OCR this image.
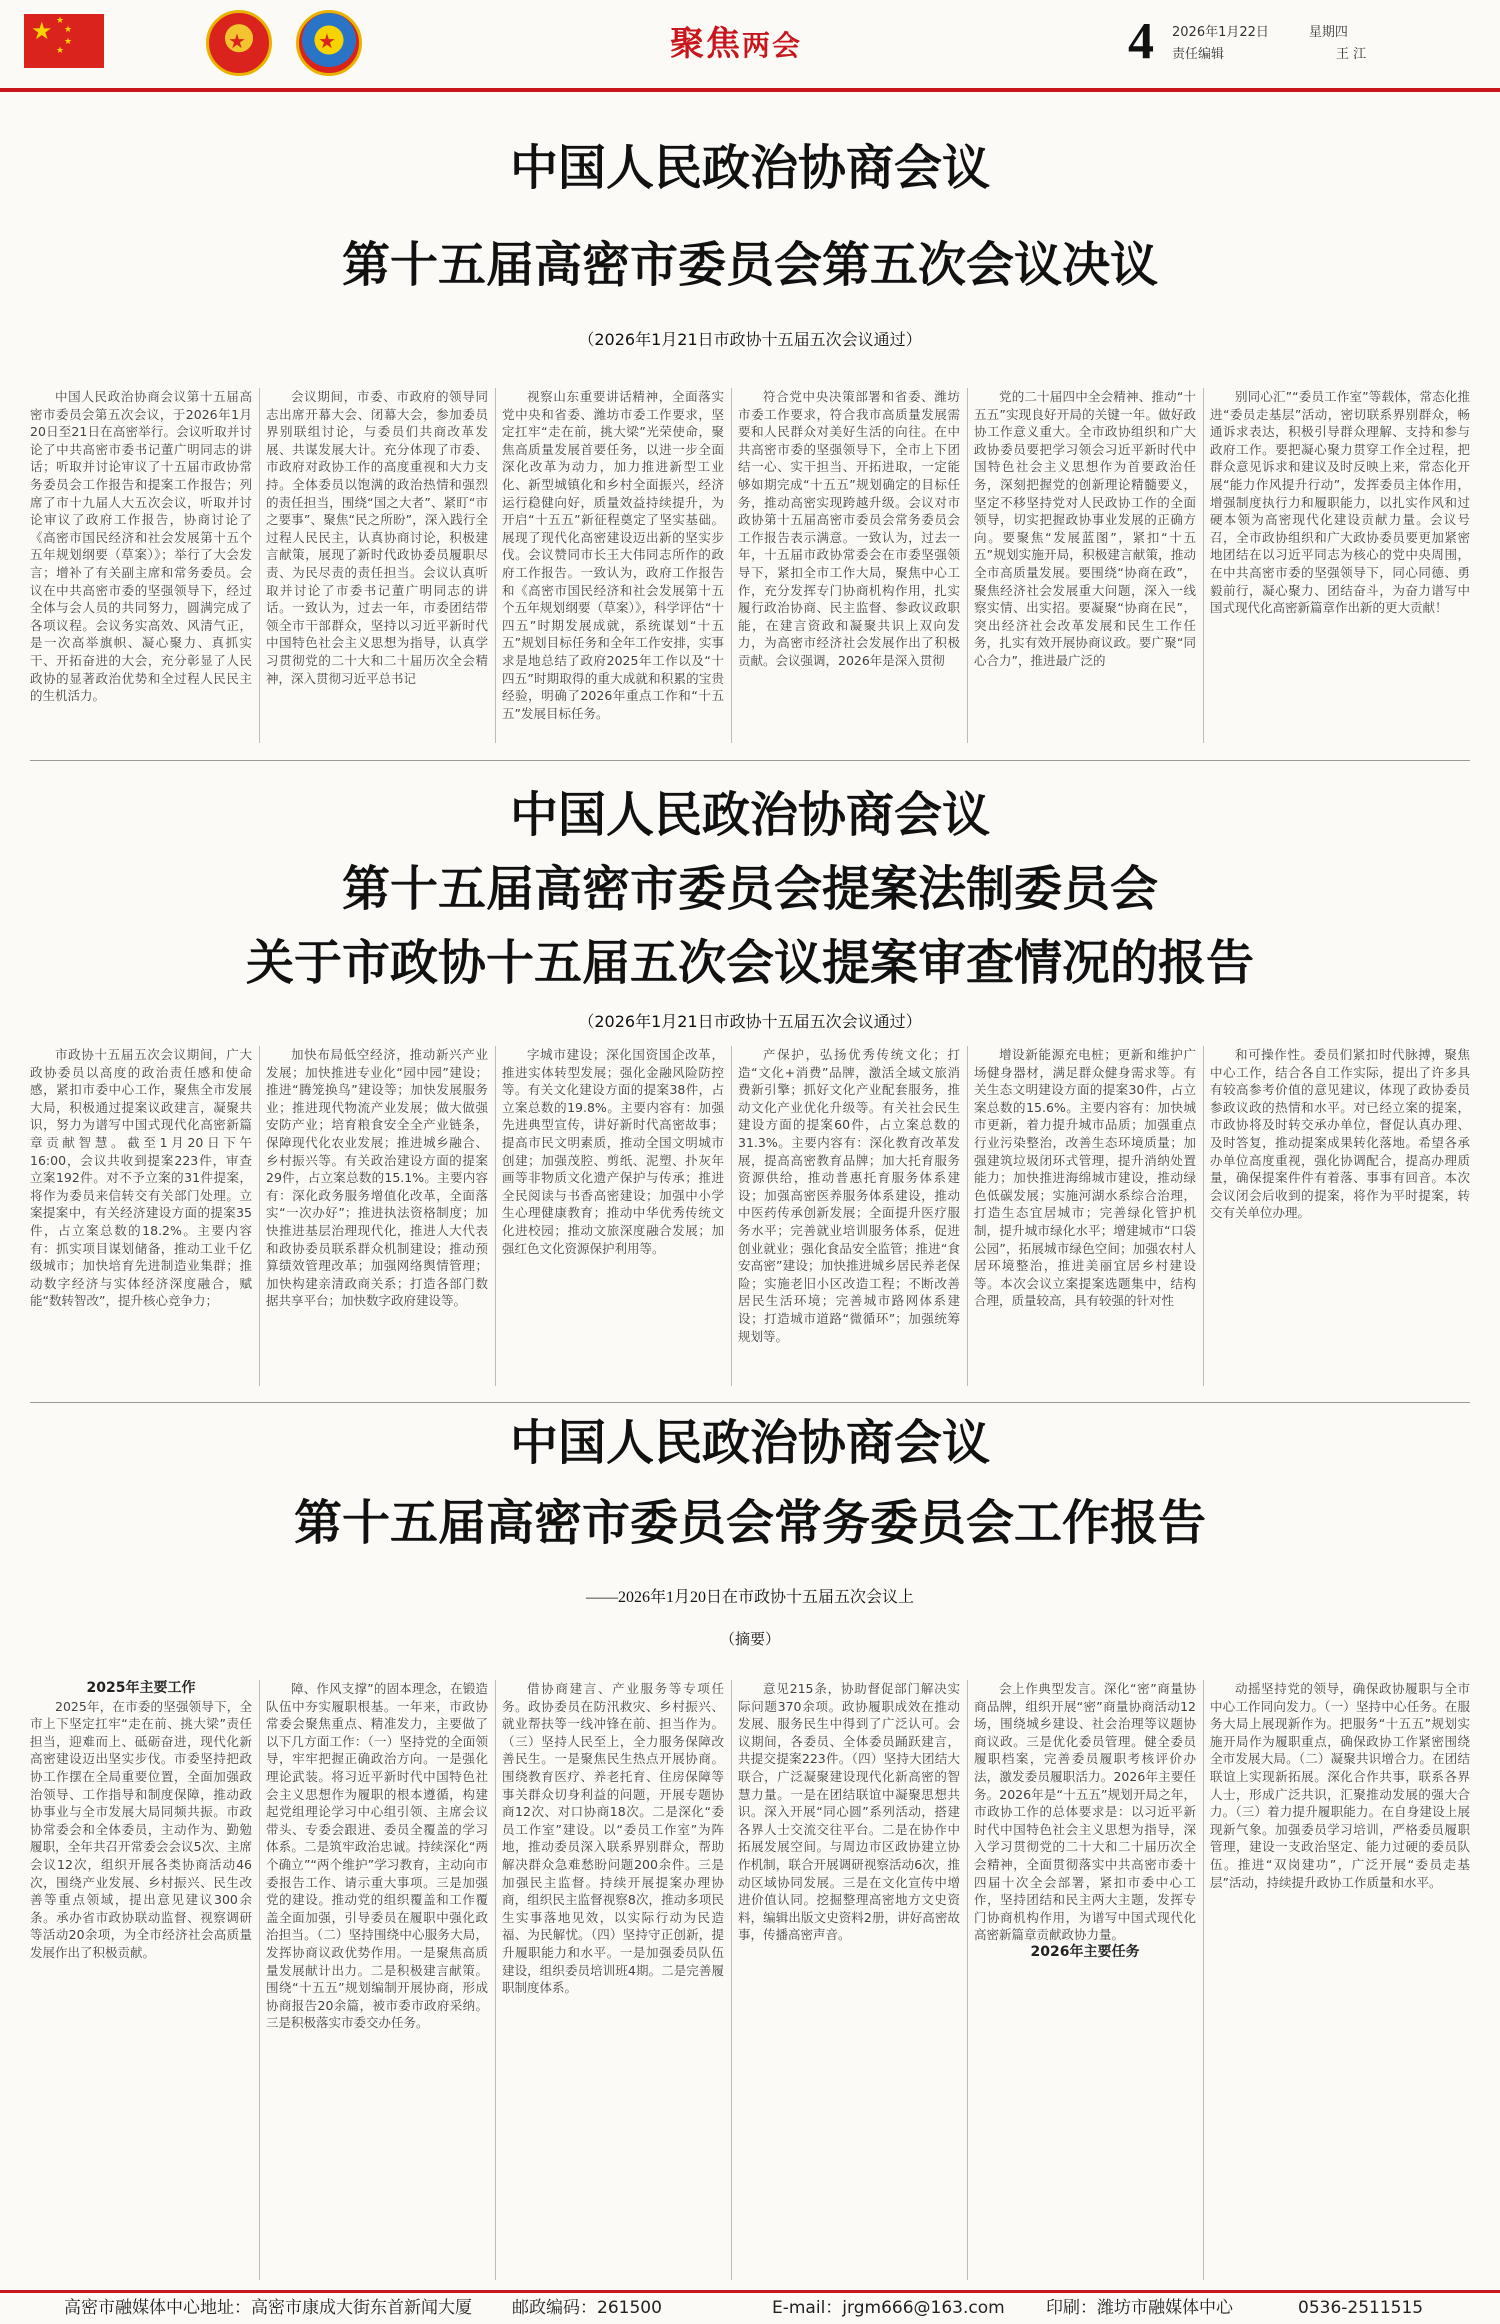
★ ★
★
★
★	★	★	聚焦两会	4 2026年1月22日	星期四
责任编辑	王 江
中国人民政治协商会议
第十五届高密市委员会第五次会议决议
（2026年1月21日市政协十五届五次会议通过）

中国人民政治协商会议第十五届高密市委员会第五次会议，于2026年1月20日至21日在高密举行。会议听取并讨论了中共高密市委书记董广明同志的讲话；听取并讨论审议了十五届市政协常务委员会工作报告和提案工作报告；列席了市十九届人大五次会议，听取并讨论审议了政府工作报告，协商讨论了《高密市国民经济和社会发展第十五个五年规划纲要（草案）》；举行了大会发言；增补了有关副主席和常务委员。会议在中共高密市委的坚强领导下，经过全体与会人员的共同努力，圆满完成了各项议程。会议务实高效、风清气正，是一次高举旗帜、凝心聚力、真抓实干、开拓奋进的大会，充分彰显了人民政协的显著政治优势和全过程人民民主的生机活力。

会议期间，市委、市政府的领导同志出席开幕大会、闭幕大会，参加委员界别联组讨论，与委员们共商改革发展、共谋发展大计。充分体现了市委、市政府对政协工作的高度重视和大力支持。全体委员以饱满的政治热情和强烈的责任担当，围绕“国之大者”、紧盯“市之要事”、聚焦“民之所盼”，深入践行全过程人民民主，认真协商讨论，积极建言献策，展现了新时代政协委员履职尽责、为民尽责的责任担当。会议认真听取并讨论了市委书记董广明同志的讲话。一致认为，过去一年，市委团结带领全市干部群众，坚持以习近平新时代中国特色社会主义思想为指导，认真学习贯彻党的二十大和二十届历次全会精神，深入贯彻习近平总书记

视察山东重要讲话精神，全面落实党中央和省委、潍坊市委工作要求，坚定扛牢“走在前，挑大梁”光荣使命，聚焦高质量发展首要任务，以进一步全面深化改革为动力，加力推进新型工业化、新型城镇化和乡村全面振兴，经济运行稳健向好，质量效益持续提升，为开启“十五五”新征程奠定了坚实基础。展现了现代化高密建设迈出新的坚实步伐。会议赞同市长王大伟同志所作的政府工作报告。一致认为，政府工作报告和《高密市国民经济和社会发展第十五个五年规划纲要（草案）》，科学评估“十四五”时期发展成就，系统谋划“十五五”规划目标任务和全年工作安排，实事求是地总结了政府2025年工作以及“十四五”时期取得的重大成就和积累的宝贵经验，明确了2026年重点工作和“十五五”发展目标任务。

符合党中央决策部署和省委、潍坊市委工作要求，符合我市高质量发展需要和人民群众对美好生活的向往。在中共高密市委的坚强领导下，全市上下团结一心、实干担当、开拓进取，一定能够如期完成“十五五”规划确定的目标任务，推动高密实现跨越升级。会议对市政协第十五届高密市委员会常务委员会工作报告表示满意。一致认为，过去一年，十五届市政协常委会在市委坚强领导下，紧扣全市工作大局，聚焦中心工作，充分发挥专门协商机构作用，扎实履行政治协商、民主监督、参政议政职能，在建言资政和凝聚共识上双向发力，为高密市经济社会发展作出了积极贡献。会议强调，2026年是深入贯彻

党的二十届四中全会精神、推动“十五五”实现良好开局的关键一年。做好政协工作意义重大。全市政协组织和广大政协委员要把学习领会习近平新时代中国特色社会主义思想作为首要政治任务，深刻把握党的创新理论精髓要义，坚定不移坚持党对人民政协工作的全面领导，切实把握政协事业发展的正确方向。要聚焦“发展蓝图”，紧扣“十五五”规划实施开局，积极建言献策，推动全市高质量发展。要围绕“协商在政”，聚焦经济社会发展重大问题，深入一线察实情、出实招。要凝聚“协商在民”，突出经济社会改革发展和民生工作任务，扎实有效开展协商议政。要广聚“同心合力”，推进最广泛的

别同心汇”“委员工作室”等载体，常态化推进“委员走基层”活动，密切联系界别群众，畅通诉求表达，积极引导群众理解、支持和参与政府工作。要把凝心聚力贯穿工作全过程，把群众意见诉求和建议及时反映上来，常态化开展“能力作风提升行动”，发挥委员主体作用，增强制度执行力和履职能力，以扎实作风和过硬本领为高密现代化建设贡献力量。会议号召，全市政协组织和广大政协委员要更加紧密地团结在以习近平同志为核心的党中央周围，在中共高密市委的坚强领导下，同心同德、勇毅前行，凝心聚力、团结奋斗，为奋力谱写中国式现代化高密新篇章作出新的更大贡献！

中国人民政治协商会议
第十五届高密市委员会提案法制委员会
关于市政协十五届五次会议提案审查情况的报告
（2026年1月21日市政协十五届五次会议通过）

市政协十五届五次会议期间，广大政协委员以高度的政治责任感和使命感，紧扣市委中心工作，聚焦全市发展大局，积极通过提案议政建言，凝聚共识，努力为谱写中国式现代化高密新篇章贡献智慧。截至1月20日下午16:00，会议共收到提案223件，审查立案192件。对不予立案的31件提案，将作为委员来信转交有关部门处理。立案提案中，有关经济建设方面的提案35件，占立案总数的18.2%。主要内容有：抓实项目谋划储备，推动工业千亿级城市；加快培育先进制造业集群；推动数字经济与实体经济深度融合，赋能“数转智改”，提升核心竞争力；

加快布局低空经济，推动新兴产业发展；加快推进专业化“园中园”建设；推进“腾笼换鸟”建设等；加快发展服务业；推进现代物流产业发展；做大做强安防产业；培育粮食安全全产业链条，保障现代化农业发展；推进城乡融合、乡村振兴等。有关政治建设方面的提案29件，占立案总数的15.1%。主要内容有：深化政务服务增值化改革，全面落实“一次办好”；推进执法资格制度；加快推进基层治理现代化，推进人大代表和政协委员联系群众机制建设；推动预算绩效管理改革；加强网络舆情管理；加快构建亲清政商关系；打造各部门数据共享平台；加快数字政府建设等。

字城市建设；深化国资国企改革，推进实体转型发展；强化金融风险防控等。有关文化建设方面的提案38件，占立案总数的19.8%。主要内容有：加强先进典型宣传，讲好新时代高密故事；提高市民文明素质，推动全国文明城市创建；加强茂腔、剪纸、泥塑、扑灰年画等非物质文化遗产保护与传承；推进全民阅读与书香高密建设；加强中小学生心理健康教育；推动中华优秀传统文化进校园；推动文旅深度融合发展；加强红色文化资源保护利用等。

产保护，弘扬优秀传统文化；打造“文化+消费”品牌，激活全域文旅消费新引擎；抓好文化产业配套服务，推动文化产业优化升级等。有关社会民生建设方面的提案60件，占立案总数的31.3%。主要内容有：深化教育改革发展，提高高密教育品牌；加大托育服务资源供给，推动普惠托育服务体系建设；加强高密医养服务体系建设，推动中医药传承创新发展；全面提升医疗服务水平；完善就业培训服务体系，促进创业就业；强化食品安全监管；推进“食安高密”建设；加快推进城乡居民养老保险；实施老旧小区改造工程；不断改善居民生活环境；完善城市路网体系建设；打造城市道路“微循环”；加强统筹规划等。

增设新能源充电桩；更新和维护广场健身器材，满足群众健身需求等。有关生态文明建设方面的提案30件，占立案总数的15.6%。主要内容有：加快城市更新，着力提升城市品质；加强重点行业污染整治，改善生态环境质量；加强建筑垃圾闭环式管理，提升消纳处置能力；加快推进海绵城市建设，推动绿色低碳发展；实施河湖水系综合治理，打造生态宜居城市；完善绿化管护机制，提升城市绿化水平；增建城市“口袋公园”，拓展城市绿色空间；加强农村人居环境整治，推进美丽宜居乡村建设等。本次会议立案提案选题集中，结构合理，质量较高，具有较强的针对性

和可操作性。委员们紧扣时代脉搏，聚焦中心工作，结合各自工作实际，提出了许多具有较高参考价值的意见建议，体现了政协委员参政议政的热情和水平。对已经立案的提案，市政协将及时转交承办单位，督促认真办理、及时答复，推动提案成果转化落地。希望各承办单位高度重视，强化协调配合，提高办理质量，确保提案件件有着落、事事有回音。本次会议闭会后收到的提案，将作为平时提案，转交有关单位办理。

中国人民政治协商会议
第十五届高密市委员会常务委员会工作报告
——2026年1月20日在市政协十五届五次会议上
（摘要）

2025年主要工作

2025年，在市委的坚强领导下，全市上下坚定扛牢“走在前、挑大梁”责任担当，迎难而上、砥砺奋进，现代化新高密建设迈出坚实步伐。市委坚持把政协工作摆在全局重要位置，全面加强政治领导、工作指导和制度保障，推动政协事业与全市发展大局同频共振。市政协常委会和全体委员，主动作为、勤勉履职，全年共召开常委会会议5次、主席会议12次，组织开展各类协商活动46次，围绕产业发展、乡村振兴、民生改善等重点领域，提出意见建议300余条。承办省市政协联动监督、视察调研等活动20余项，为全市经济社会高质量发展作出了积极贡献。

障、作风支撑”的固本理念，在锻造队伍中夯实履职根基。一年来，市政协常委会聚焦重点、精准发力，主要做了以下几方面工作：（一）坚持党的全面领导，牢牢把握正确政治方向。一是强化理论武装。将习近平新时代中国特色社会主义思想作为履职的根本遵循，构建起党组理论学习中心组引领、主席会议带头、专委会跟进、委员全覆盖的学习体系。二是筑牢政治忠诚。持续深化“两个确立”“两个维护”学习教育，主动向市委报告工作、请示重大事项。三是加强党的建设。推动党的组织覆盖和工作覆盖全面加强，引导委员在履职中强化政治担当。（二）坚持围绕中心服务大局，发挥协商议政优势作用。一是聚焦高质量发展献计出力。二是积极建言献策。围绕“十五五”规划编制开展协商，形成协商报告20余篇，被市委市政府采纳。三是积极落实市委交办任务。

借协商建言、产业服务等专项任务。政协委员在防汛救灾、乡村振兴、就业帮扶等一线冲锋在前、担当作为。（三）坚持人民至上，全力服务保障改善民生。一是聚焦民生热点开展协商。围绕教育医疗、养老托育、住房保障等事关群众切身利益的问题，开展专题协商12次、对口协商18次。二是深化“委员工作室”建设。以“委员工作室”为阵地，推动委员深入联系界别群众，帮助解决群众急难愁盼问题200余件。三是加强民主监督。持续开展提案办理协商，组织民主监督视察8次，推动多项民生实事落地见效，以实际行动为民造福、为民解忧。（四）坚持守正创新，提升履职能力和水平。一是加强委员队伍建设，组织委员培训班4期。二是完善履职制度体系。

意见215条，协助督促部门解决实际问题370余项。政协履职成效在推动发展、服务民生中得到了广泛认可。会议期间，各委员、全体委员踊跃建言，共提交提案223件。（四）坚持大团结大联合，广泛凝聚建设现代化新高密的智慧力量。一是在团结联谊中凝聚思想共识。深入开展“同心圆”系列活动，搭建各界人士交流交往平台。二是在协作中拓展发展空间。与周边市区政协建立协作机制，联合开展调研视察活动6次，推动区域协同发展。三是在文化宣传中增进价值认同。挖掘整理高密地方文史资料，编辑出版文史资料2册，讲好高密故事，传播高密声音。

会上作典型发言。深化“密”商量协商品牌，组织开展“密”商量协商活动12场，围绕城乡建设、社会治理等议题协商议政。三是优化委员管理。健全委员履职档案，完善委员履职考核评价办法，激发委员履职活力。2026年主要任务。2026年是“十五五”规划开局之年，市政协工作的总体要求是：以习近平新时代中国特色社会主义思想为指导，深入学习贯彻党的二十大和二十届历次全会精神，全面贯彻落实中共高密市委十四届十次全会部署，紧扣市委中心工作，坚持团结和民主两大主题，发挥专门协商机构作用，为谱写中国式现代化高密新篇章贡献政协力量。

2026年主要任务

动摇坚持党的领导，确保政协履职与全市中心工作同向发力。（一）坚持中心任务。在服务大局上展现新作为。把服务“十五五”规划实施开局作为履职重点，确保政协工作紧密围绕全市发展大局。（二）凝聚共识增合力。在团结联谊上实现新拓展。深化合作共事，联系各界人士，形成广泛共识，汇聚推动发展的强大合力。（三）着力提升履职能力。在自身建设上展现新气象。加强委员学习培训，严格委员履职管理，建设一支政治坚定、能力过硬的委员队伍。推进“双岗建功”，广泛开展“委员走基层”活动，持续提升政协工作质量和水平。

高密市融媒体中心地址：高密市康成大街东首新闻大厦 邮政编码：261500	E-mail：jrgm666@163.com 印刷：潍坊市融媒体中心	0536-2511515
